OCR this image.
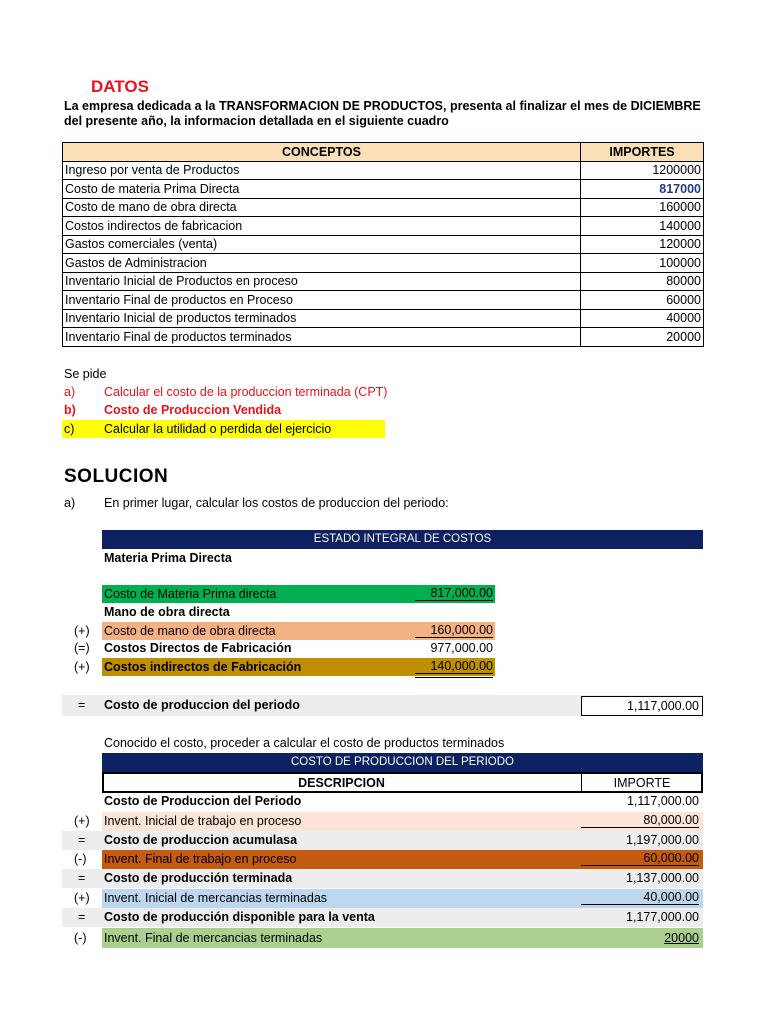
DATOS
La empresa dedicada a la TRANSFORMACION DE PRODUCTOS, presenta al finalizar el mes de DICIEMBRE del presente año, la informacion detallada en el siguiente cuadro
CONCEPTOS	IMPORTES
Ingreso por venta de Productos	1200000
Costo de materia Prima Directa	817000
Costo de mano de obra directa	160000
Costos indirectos de fabricacion	140000
Gastos comerciales (venta)	120000
Gastos de Administracion	100000
Inventario Inicial de Productos en proceso	80000
Inventario Final de productos en Proceso	60000
Inventario Inicial de productos terminados	40000
Inventario Final de productos terminados	20000
Se pide
a) Calcular el costo de la produccion terminada (CPT)
b) Costo de Produccion Vendida
c) Calcular la utilidad o perdida del ejercicio
SOLUCION
a) En primer lugar, calcular los costos de produccion del periodo:
ESTADO INTEGRAL DE COSTOS
Materia Prima Directa
Costo de Materia Prima directa	817,000.00
Mano de obra directa
(+) Costo de mano de obra directa	160,000.00
(=) Costos Directos de Fabricación	977,000.00
(+) Costos indirectos de Fabricación	140,000.00
= Costo de produccion del periodo	1,117,000.00
Conocido el costo, proceder a calcular el costo de productos terminados
COSTO DE PRODUCCION DEL PERIODO
DESCRIPCION	IMPORTE
Costo de Produccion del Periodo	1,117,000.00
(+) Invent. Inicial de trabajo en proceso	80,000.00
= Costo de produccion acumulasa	1,197,000.00
(-) Invent. Final de trabajo en proceso	60,000.00
= Costo de producción terminada	1,137,000.00
(+) Invent. Inicial de mercancias terminadas	40,000.00
= Costo de producción disponible para la venta	1,177,000.00
(-) Invent. Final de mercancias terminadas	20000
